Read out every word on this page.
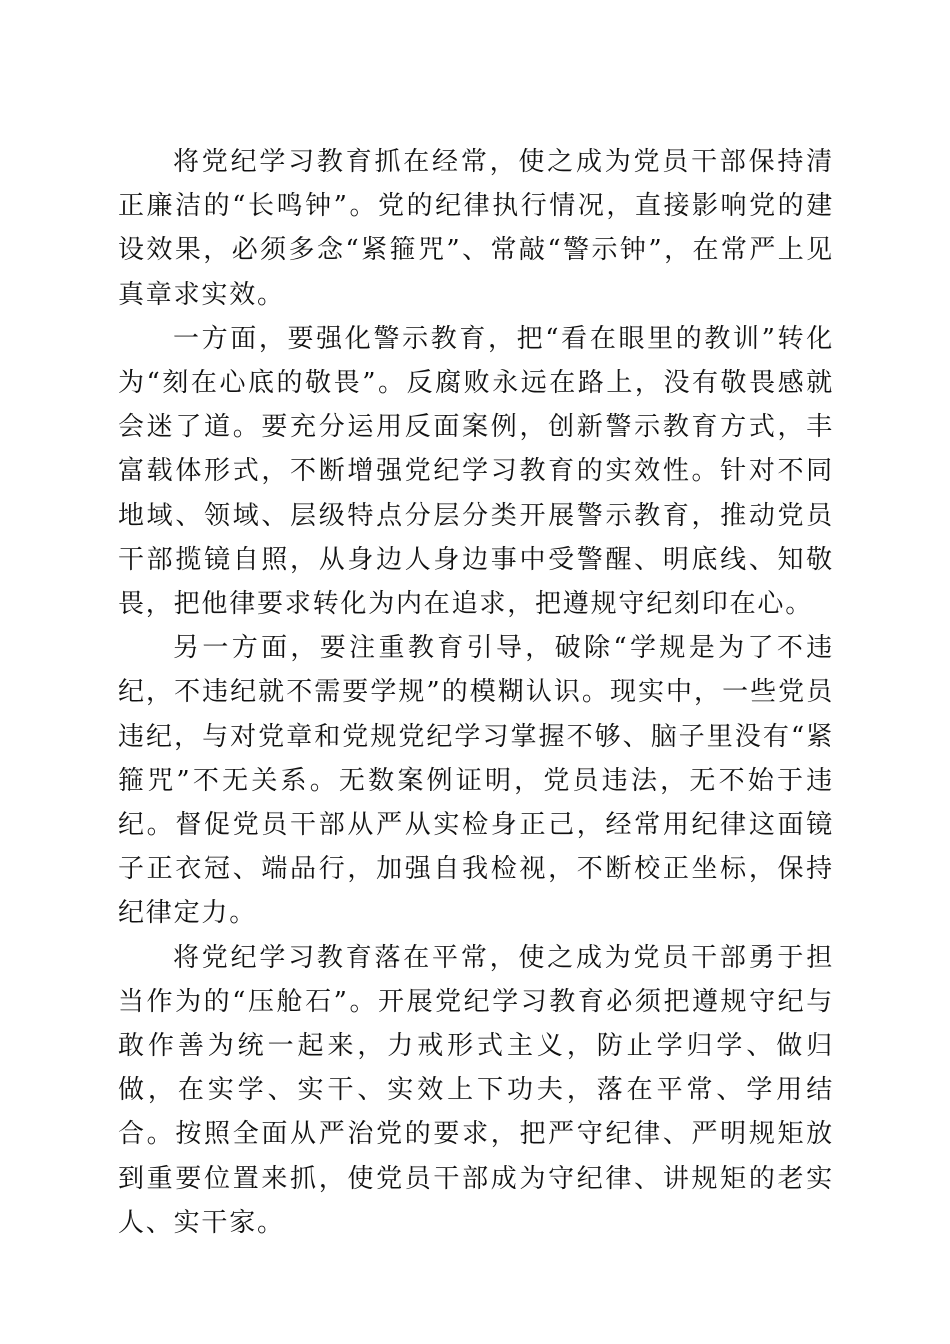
将党纪学习教育抓在经常，使之成为党员干部保持清正廉洁的“长鸣钟”。党的纪律执行情况，直接影响党的建设效果，必须多念“紧箍咒”、常敲“警示钟”，在常严上见真章求实效。

一方面，要强化警示教育，把“看在眼里的教训”转化为“刻在心底的敬畏”。反腐败永远在路上，没有敬畏感就会迷了道。要充分运用反面案例，创新警示教育方式，丰富载体形式，不断增强党纪学习教育的实效性。针对不同地域、领域、层级特点分层分类开展警示教育，推动党员干部揽镜自照，从身边人身边事中受警醒、明底线、知敬畏，把他律要求转化为内在追求，把遵规守纪刻印在心。

另一方面，要注重教育引导，破除“学规是为了不违纪，不违纪就不需要学规”的模糊认识。现实中，一些党员违纪，与对党章和党规党纪学习掌握不够、脑子里没有“紧箍咒”不无关系。无数案例证明，党员违法，无不始于违纪。督促党员干部从严从实检身正己，经常用纪律这面镜子正衣冠、端品行，加强自我检视，不断校正坐标，保持纪律定力。

将党纪学习教育落在平常，使之成为党员干部勇于担当作为的“压舱石”。开展党纪学习教育必须把遵规守纪与敢作善为统一起来，力戒形式主义，防止学归学、做归做，在实学、实干、实效上下功夫，落在平常、学用结合。按照全面从严治党的要求，把严守纪律、严明规矩放到重要位置来抓，使党员干部成为守纪律、讲规矩的老实人、实干家。
